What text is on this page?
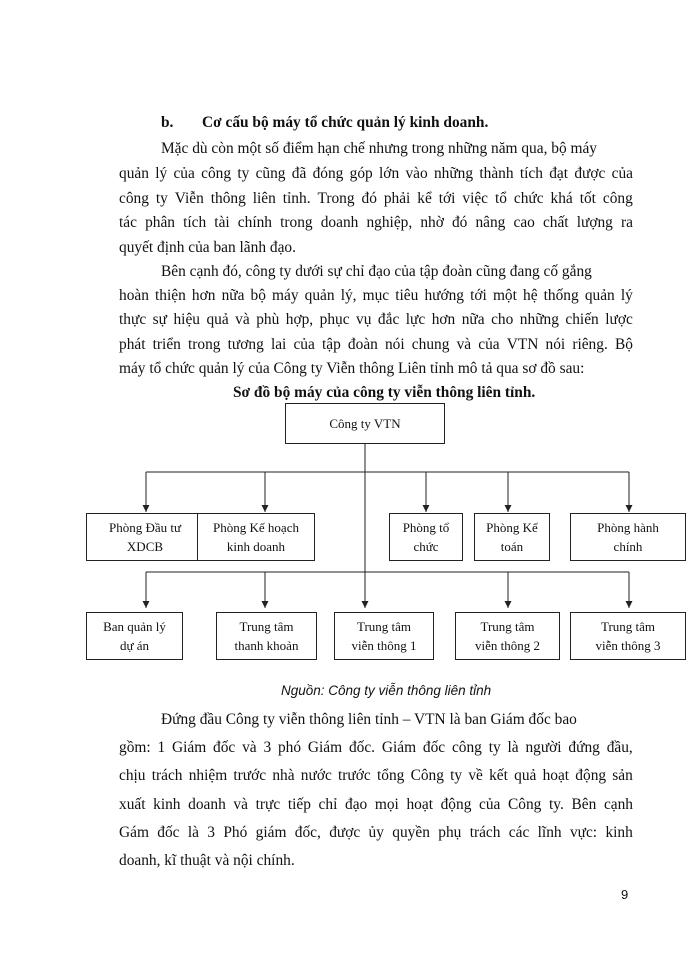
b. Cơ cấu bộ máy tổ chức quản lý kinh doanh.
Mặc dù còn một số điểm hạn chế nhưng trong những năm qua, bộ máy
quản lý của công ty cũng đã đóng góp lớn vào những thành tích đạt được của
công ty Viễn thông liên tỉnh. Trong đó phải kể tới việc tổ chức khá tốt công
tác phân tích tài chính trong doanh nghiệp, nhờ đó nâng cao chất lượng ra
quyết định của ban lãnh đạo.
Bên cạnh đó, công ty dưới sự chỉ đạo của tập đoàn cũng đang cố gắng
hoàn thiện hơn nữa bộ máy quản lý, mục tiêu hướng tới một hệ thống quản lý
thực sự hiệu quả và phù hợp, phục vụ đắc lực hơn nữa cho những chiến lược
phát triển trong tương lai của tập đoàn nói chung và của VTN nói riêng. Bộ
máy tổ chức quản lý của Công ty Viễn thông Liên tỉnh mô tả qua sơ đồ sau:
Sơ đồ bộ máy của công ty viễn thông liên tỉnh.
Công ty VTN
Phòng Đầu tư
XDCB
Phòng Kế hoạch
kinh doanh
Phòng tổ
chức
Phòng Kế
toán
Phòng hành
chính
Ban quản lý
dự án
Trung tâm
thanh khoản
Trung tâm
viễn thông 1
Trung tâm
viễn thông 2
Trung tâm
viễn thông 3
Nguồn: Công ty viễn thông liên tỉnh
Đứng đầu Công ty viễn thông liên tỉnh – VTN là ban Giám đốc bao
gồm: 1 Giám đốc và 3 phó Giám đốc. Giám đốc công ty là người đứng đầu,
chịu trách nhiệm trước nhà nước trước tổng Công ty về kết quả hoạt động sản
xuất kinh doanh và trực tiếp chỉ đạo mọi hoạt động của Công ty. Bên cạnh
Gám đốc là 3 Phó giám đốc, được ủy quyền phụ trách các lĩnh vực: kinh
doanh, kĩ thuật và nội chính.
9
